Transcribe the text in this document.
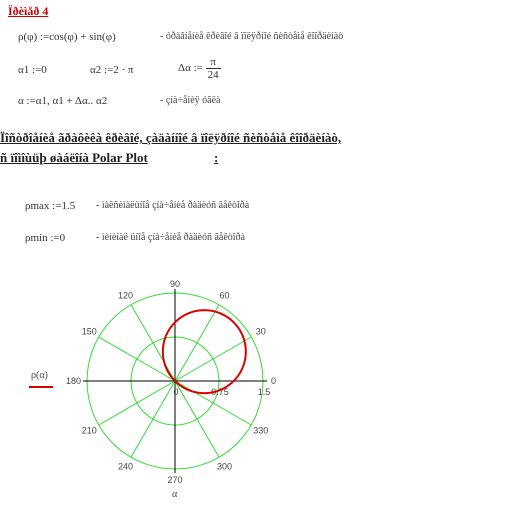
Ïðèìåð 4
ρ(φ) :=cos(φ) + sin(φ)	- óðàâíåíèå êðèâîé â ïîëÿðíîé ñèñòåìå êîîðäèíàò
α1 :=0	α2 :=2 · π	Δα := $\frac{\pi}{24}$
α :=α1, α1 + Δα.. α2	- çíà÷åíèÿ óãëà
Ïîñòðîåíèå ãðàôèêà êðèâîé, çàäàííîé â ïîëÿðíîé ñèñòåìå êîîðäèíàò,
ñ ïîìîùüþ øàáëîíà Polar Plot	:
ρmax :=1.5 - ìàêñèìàëüíîå çíà÷åíèå ðàäèóñ âåêòîðà
ρmin :=0	- ìèíèìàë üíîå çíà÷åíèå ðàäèóñ âåêòîðà
ρ(α)	0
30
60
90
120
150
180
210
240
270
300
330
0	0.75	1.5
α
